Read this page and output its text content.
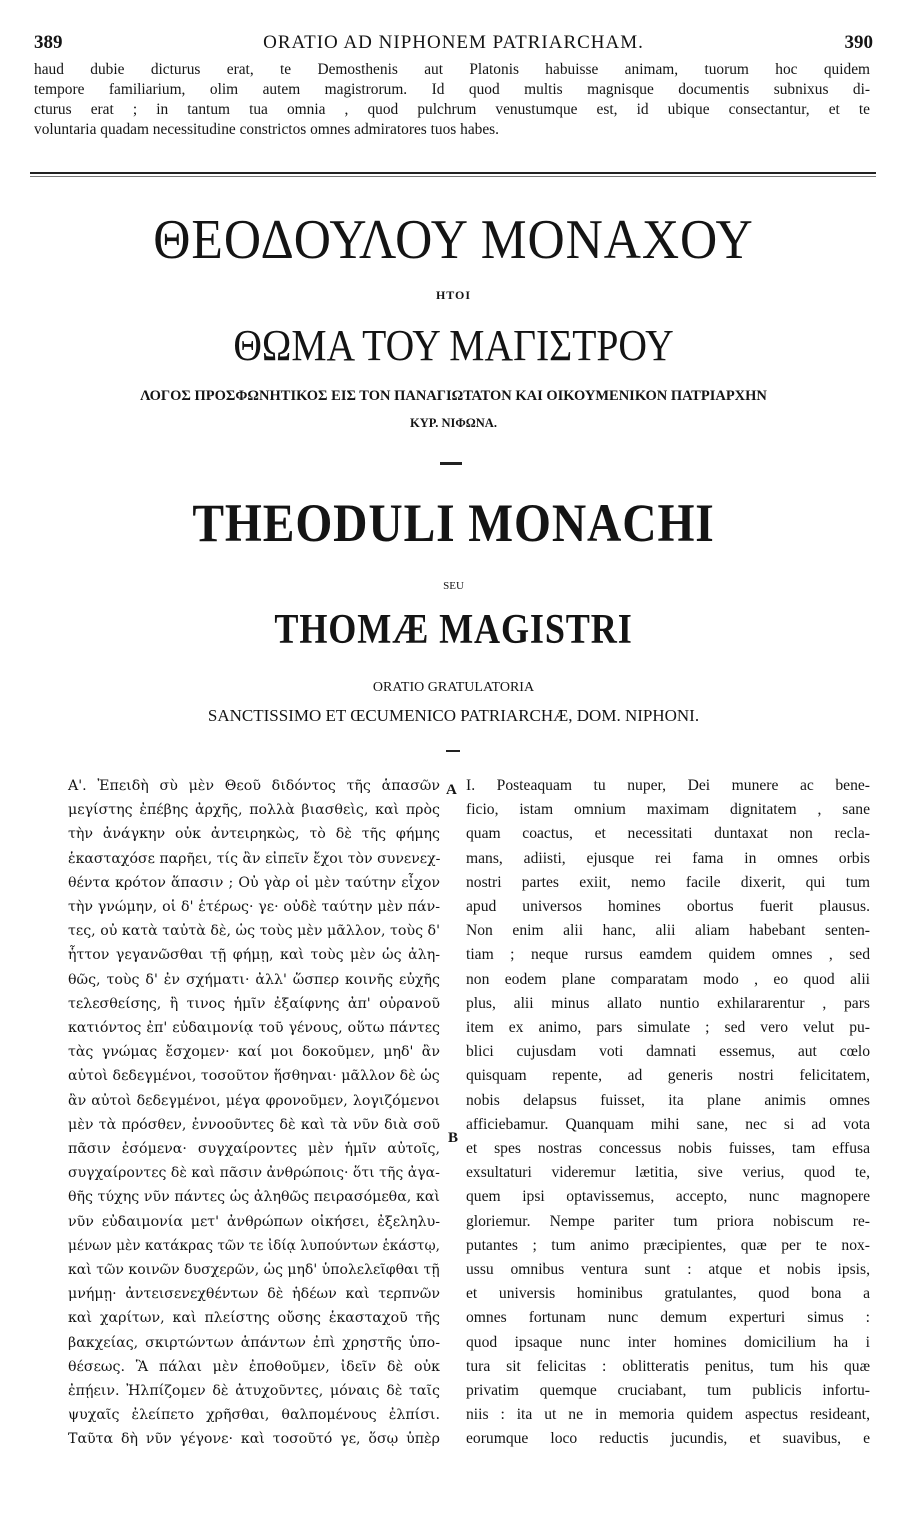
389	ORATIO AD NIPHONEM PATRIARCHAM.	390
haud dubie dicturus erat, te Demosthenis aut Platonis habuisse animam, tuorum hoc quidem
tempore familiarium, olim autem magistrorum. Id quod multis magnisque documentis subnixus di-
cturus erat ; in tantum tua omnia , quod pulchrum venustumque est, id ubique consectantur, et te
voluntaria quadam necessitudine constrictos omnes admiratores tuos habes.
ΘΕΟΔΟΥΛΟΥ ΜΟΝΑΧΟΥ
ΗΤΟΙ
ΘΩΜΑ ΤΟΥ ΜΑΓΙΣΤΡΟΥ
ΛΟΓΟΣ ΠΡΟΣΦΩΝΗΤΙΚΟΣ ΕΙΣ ΤΟΝ ΠΑΝΑΓΙΩΤΑΤΟΝ ΚΑΙ ΟΙΚΟΥΜΕΝΙΚΟΝ ΠΑΤΡΙΑΡΧΗΝ
ΚΥΡ. ΝΙΦΩΝΑ.
THEODULI MONACHI
SEU
THOMÆ MAGISTRI
ORATIO GRATULATORIA
SANCTISSIMO ET ŒCUMENICO PATRIARCHÆ, DOM. NIPHONI.
Α'. Ἐπειδὴ σὺ μὲν Θεοῦ διδόντος τῆς ἁπασῶν
μεγίστης ἐπέβης ἀρχῆς, πολλὰ βιασθεὶς, καὶ πρὸς
τὴν ἀνάγκην οὐκ ἀντειρηκὼς, τὸ δὲ τῆς φήμης
ἑκασταχόσε παρῆει, τίς ἂν εἰπεῖν ἔχοι τὸν συνενεχ-
θέντα κρότον ἅπασιν ; Οὐ γὰρ οἱ μὲν ταύτην εἶχον
τὴν γνώμην, οἱ δ' ἑτέρως· γε· οὐδὲ ταύτην μὲν πάν-
τες, οὐ κατὰ ταὐτὰ δὲ, ὡς τοὺς μὲν μᾶλλον, τοὺς δ'
ἧττον γεγανῶσθαι τῇ φήμῃ, καὶ τοὺς μὲν ὡς ἀλη-
θῶς, τοὺς δ' ἐν σχήματι· ἀλλ' ὥσπερ κοινῆς εὐχῆς
τελεσθείσης, ἢ τινος ἡμῖν ἐξαίφνης ἀπ' οὐρανοῦ
κατιόντος ἐπ' εὐδαιμονίᾳ τοῦ γένους, οὕτω πάντες
τὰς γνώμας ἔσχομεν· καί μοι δοκοῦμεν, μηδ' ἂν
αὐτοὶ δεδεγμένοι, τοσοῦτον ἥσθηναι· μᾶλλον δὲ ὡς
ἂν αὐτοὶ δεδεγμένοι, μέγα φρονοῦμεν, λογιζόμενοι
μὲν τὰ πρόσθεν, ἐννοοῦντες δὲ καὶ τὰ νῦν διὰ σοῦ
πᾶσιν ἐσόμενα· συγχαίροντες μὲν ἡμῖν αὐτοῖς,
συγχαίροντες δὲ καὶ πᾶσιν ἀνθρώποις· ὅτι τῆς ἀγα-
θῆς τύχης νῦν πάντες ὡς ἀληθῶς πειρασόμεθα, καὶ
νῦν εὐδαιμονία μετ' ἀνθρώπων οἰκήσει, ἐξεληλυ-
μένων μὲν κατάκρας τῶν τε ἰδίᾳ λυπούντων ἑκάστῳ,
καὶ τῶν κοινῶν δυσχερῶν, ὡς μηδ' ὑπολελεῖφθαι τῇ
μνήμῃ· ἀντεισενεχθέντων δὲ ἡδέων καὶ τερπνῶν
καὶ χαρίτων, καὶ πλείστης οὔσης ἑκασταχοῦ τῆς
βακχείας, σκιρτώντων ἁπάντων ἐπὶ χρηστῆς ὑπο-
θέσεως. Ἃ πάλαι μὲν ἐποθοῦμεν, ἰδεῖν δὲ οὐκ
ἐπῄειν. Ἠλπίζομεν δὲ ἀτυχοῦντες, μόναις δὲ ταῖς
ψυχαῖς ἐλείπετο χρῆσθαι, θαλπομένους ἐλπίσι.
Ταῦτα δὴ νῦν γέγονε· καὶ τοσοῦτό γε, ὅσῳ ὑπὲρ
A
B
I. Posteaquam tu nuper, Dei munere ac bene-
ficio, istam omnium maximam dignitatem , sane
quam coactus, et necessitati duntaxat non recla-
mans, adiisti, ejusque rei fama in omnes orbis
nostri partes exiit, nemo facile dixerit, qui tum
apud universos homines obortus fuerit plausus.
Non enim alii hanc, alii aliam habebant senten-
tiam ; neque rursus eamdem quidem omnes , sed
non eodem plane comparatam modo , eo quod alii
plus, alii minus allato nuntio exhilararentur , pars
item ex animo, pars simulate ; sed vero velut pu-
blici cujusdam voti damnati essemus, aut cœlo
quisquam repente, ad generis nostri felicitatem,
nobis delapsus fuisset, ita plane animis omnes
afficiebamur. Quanquam mihi sane, nec si ad vota
et spes nostras concessus nobis fuisses, tam effusa
exsultaturi videremur lætitia, sive verius, quod te,
quem ipsi optavissemus, accepto, nunc magnopere
gloriemur. Nempe pariter tum priora nobiscum re-
putantes ; tum animo præcipientes, quæ per te nox-
ussu omnibus ventura sunt : atque et nobis ipsis,
et universis hominibus gratulantes, quod bona a
omnes fortunam nunc demum experturi simus :
quod ipsaque nunc inter homines domicilium ha i
tura sit felicitas : oblitteratis penitus, tum his quæ
privatim quemque cruciabant, tum publicis infortu-
niis : ita ut ne in memoria quidem aspectus resideant,
eorumque loco reductis jucundis, et suavibus, e
